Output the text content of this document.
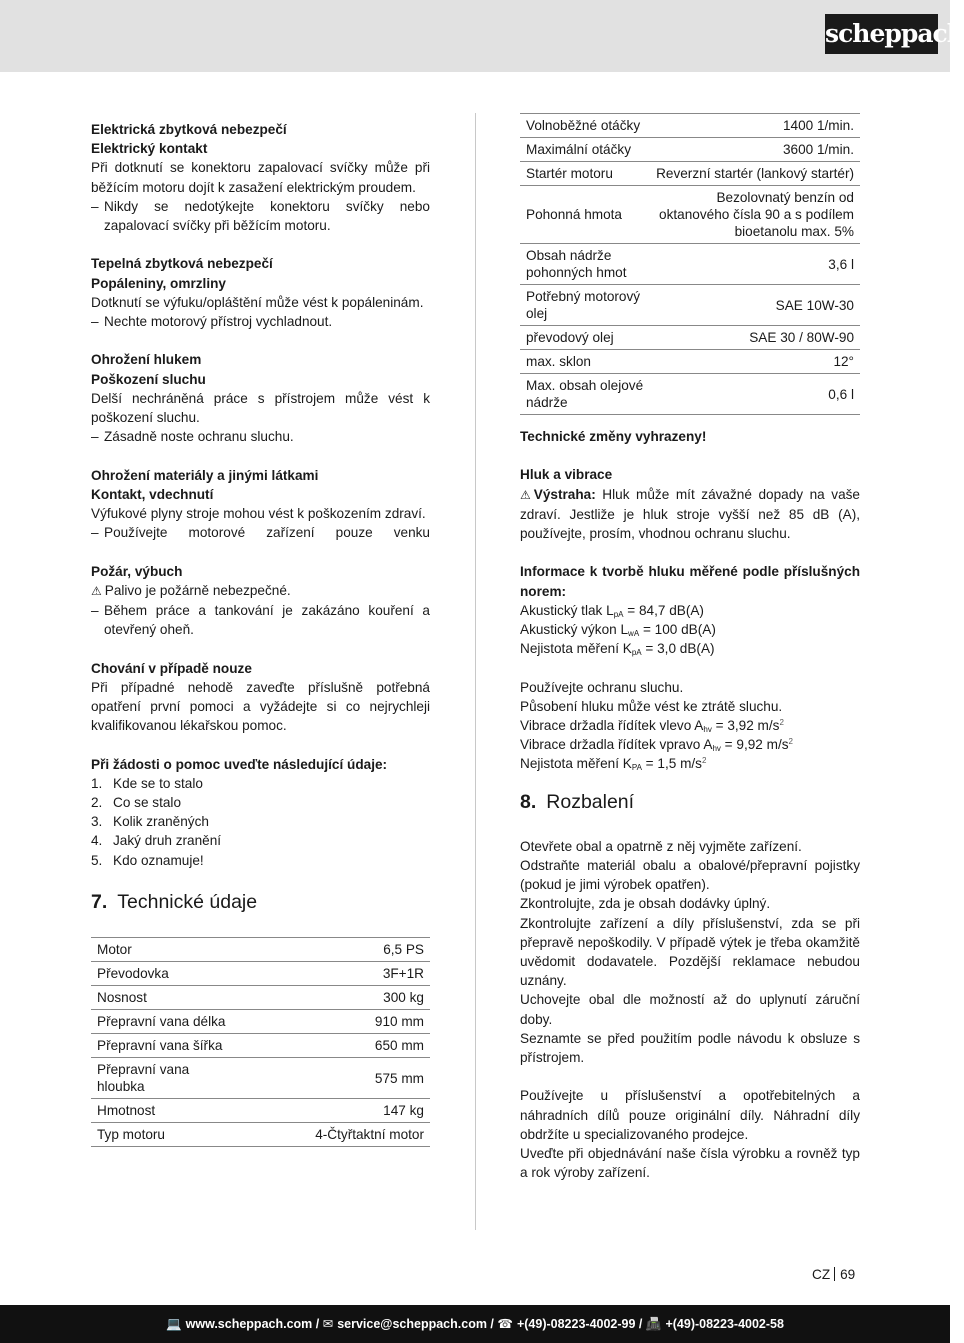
scheppach
Elektrická zbytková nebezpečí
Elektrický kontakt

Při dotknutí se konektoru zapalovací svíčky může při běžícím motoru dojít k zasažení elektrickým proudem.

– Nikdy se nedotýkejte konektoru svíčky nebo zapalovací svíčky při běžícím motoru.
Tepelná zbytková nebezpečí
Popáleniny, omrzliny

Dotknutí se výfuku/opláštění může vést k popáleninám.

– Nechte motorový přístroj vychladnout.
Ohrožení hlukem
Poškození sluchu

Delší nechráněná práce s přístrojem může vést k poškození sluchu.

– Zásadně noste ochranu sluchu.
Ohrožení materiály a jinými látkami
Kontakt, vdechnutí

Výfukové plyny stroje mohou vést k poškozením zdraví.

– Používejte motorové zařízení pouze venku
Požár, výbuch
⚠ Palivo je požárně nebezpečné.
– Během práce a tankování je zakázáno kouření a otevřený oheň.
Chování v případě nouze

Při případné nehodě zaveďte příslušně potřebná opatření první pomoci a vyžádejte si co nejrychleji kvalifikovanou lékařskou pomoc.

Při žádosti o pomoc uveďte následující údaje:
1. Kde se to stalo
2. Co se stalo
3. Kolik zraněných
4. Jaký druh zranění
5. Kdo oznamuje!
7. Technické údaje
Motor	6,5 PS
Převodovka	3F+1R
Nosnost	300 kg
Přepravní vana délka	910 mm
Přepravní vana šířka	650 mm
Přepravní vana hloubka	575 mm
Hmotnost	147 kg
Typ motoru	4-Čtyřtaktní motor
Volnoběžné otáčky	1400 1/min.
Maximální otáčky	3600 1/min.
Startér motoru	Reverzní startér (lankový startér)
Pohonná hmota	Bezolovnatý benzín od oktanového čísla 90 a s podílem bioetanolu max. 5%
Obsah nádrže pohonných hmot	3,6 l
Potřebný motorový olej	SAE 10W-30
převodový olej	SAE 30 / 80W-90
max. sklon	12°
Max. obsah olejové nádrže	0,6 l
Technické změny vyhrazeny!
Hluk a vibrace

⚠ Výstraha: Hluk může mít závažné dopady na vaše zdraví. Jestliže je hluk stroje vyšší než 85 dB (A), používejte, prosím, vhodnou ochranu sluchu.

Informace k tvorbě hluku měřené podle příslušných norem:
Akustický tlak $L_{pA} = 84,7$ dB(A)
Akustický výkon $L_{wA} = 100$ dB(A)
Nejistota měření $K_{pA} = 3,0$ dB(A)
Používejte ochranu sluchu.
Působení hluku může vést ke ztrátě sluchu.
Vibrace držadla řídítek vlevo $A_{hv} = 3,92$ $m/s^2$
Vibrace držadla řídítek vpravo $A_{hv} = 9,92$ $m/s^2$
Nejistota měření $K_{PA} = 1,5$ $m/s^2$
8. Rozbalení

Otevřete obal a opatrně z něj vyjměte zařízení.

Odstraňte materiál obalu a obalové/přepravní pojistky (pokud je jimi výrobek opatřen).

Zkontrolujte, zda je obsah dodávky úplný.

Zkontrolujte zařízení a díly příslušenství, zda se při přepravě nepoškodily. V případě výtek je třeba okamžitě uvědomit dodavatele. Pozdější reklamace nebudou uznány.

Uchovejte obal dle možností až do uplynutí záruční doby.

Seznamte se před použitím podle návodu k obsluze s přístrojem.

Používejte u příslušenství a opotřebitelných a náhradních dílů pouze originální díly. Náhradní díly obdržíte u specializovaného prodejce.

Uveďte při objednávání naše čísla výrobku a rovněž typ a rok výroby zařízení.

CZ 69
💻 www.scheppach.com / ✉ service@scheppach.com / ☎ +(49)-08223-4002-99 / 📠 +(49)-08223-4002-58
